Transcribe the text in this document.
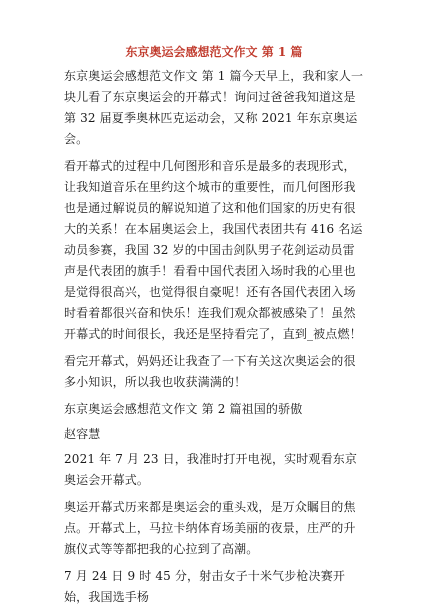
东京奥运会感想范文作文 第 1 篇
东京奥运会感想范文作文 第 1 篇今天早上，我和家人一块儿看了东京奥运会的开幕式！询问过爸爸我知道这是第 32 届夏季奥林匹克运动会，又称 2021 年东京奥运会。
看开幕式的过程中几何图形和音乐是最多的表现形式，让我知道音乐在里约这个城市的重要性，而几何图形我也是通过解说员的解说知道了这和他们国家的历史有很大的关系！在本届奥运会上，我国代表团共有 416 名运动员参赛，我国 32 岁的中国击剑队男子花剑运动员雷声是代表团的旗手！看看中国代表团入场时我的心里也是觉得很高兴，也觉得很自豪呢！还有各国代表团入场时看着都很兴奋和快乐！连我们观众都被感染了！虽然开幕式的时间很长，我还是坚持看完了，直到_被点燃！
看完开幕式，妈妈还让我查了一下有关这次奥运会的很多小知识，所以我也收获满满的！
东京奥运会感想范文作文 第 2 篇祖国的骄傲
赵容慧
2021 年 7 月 23 日，我准时打开电视，实时观看东京奥运会开幕式。
奥运开幕式历来都是奥运会的重头戏，是万众瞩目的焦点。开幕式上，马拉卡纳体育场美丽的夜景，庄严的升旗仪式等等都把我的心拉到了高潮。
7 月 24 日 9 时 45 分，射击女子十米气步枪决赛开始，我国选手杨
